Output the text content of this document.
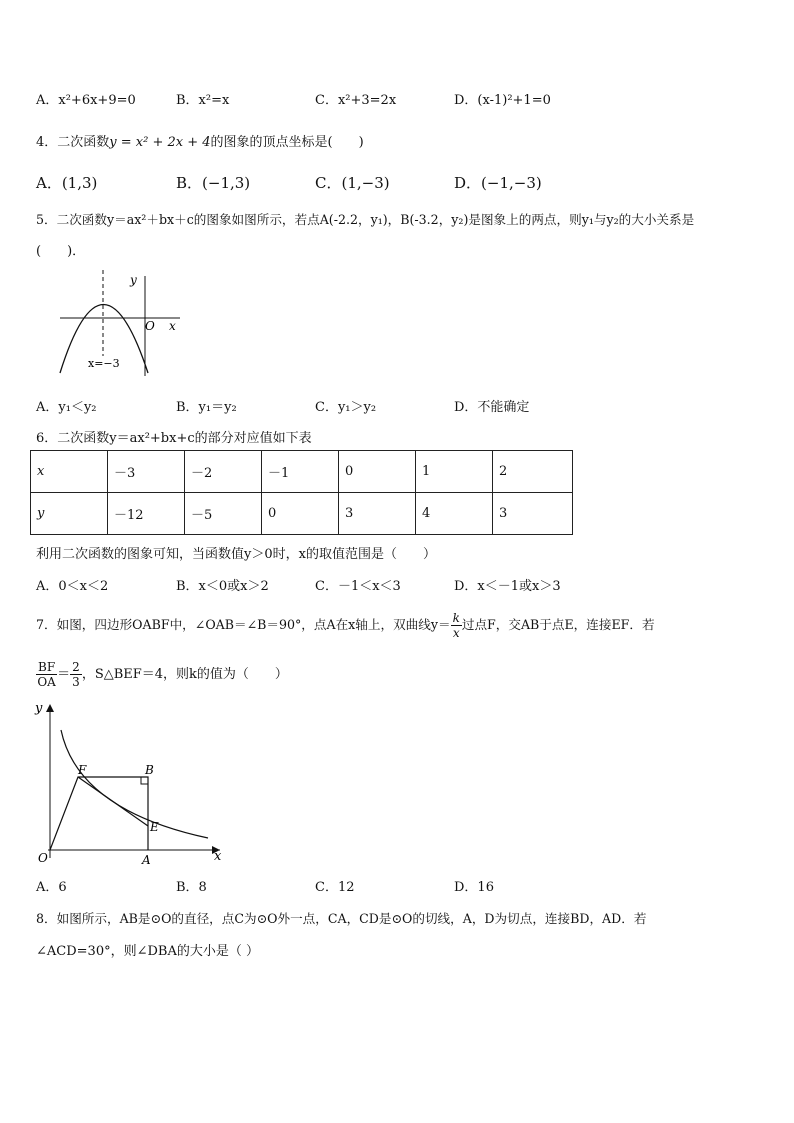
A．x²+6x+9=0	B．x²=x	C．x²+3=2x	D．(x-1)²+1=0
4．二次函数y = x² + 2x + 4的图象的顶点坐标是(　　)
A．(1,3)	B．(−1,3)	C．(1,−3)	D．(−1,−3)
5．二次函数y＝ax²＋bx＋c的图象如图所示，若点A(-2.2，y₁)，B(-3.2，y₂)是图象上的两点，则y₁与y₂的大小关系是
(　　)．
y
x
O
x=−3
A．y₁＜y₂	B．y₁＝y₂	C．y₁＞y₂	D．不能确定
6．二次函数y＝ax²+bx+c的部分对应值如下表
x	－3	－2	－1	0	1	2
y	－12	－5	0	3	4	3
利用二次函数的图象可知，当函数值y＞0时，x的取值范围是（　　）
A．0＜x＜2	B．x＜0或x＞2	C．－1＜x＜3	D．x＜－1或x＞3
7．如图，四边形OABF中，∠OAB＝∠B＝90°，点A在x轴上，双曲线$y= \frac{k}{x}$ 过点F，交AB于点E，连接EF．若
$\frac{BF}{OA} = \frac{2}{3}$ ，S△BEF＝4，则k的值为（　　）
y
x
O	A
B
E
F
A．6	B．8	C．12	D．16
8．如图所示，AB是⊙O的直径，点C为⊙O外一点，CA，CD是⊙O的切线，A，D为切点，连接BD，AD．若
∠ACD=30°，则∠DBA的大小是（ ）
